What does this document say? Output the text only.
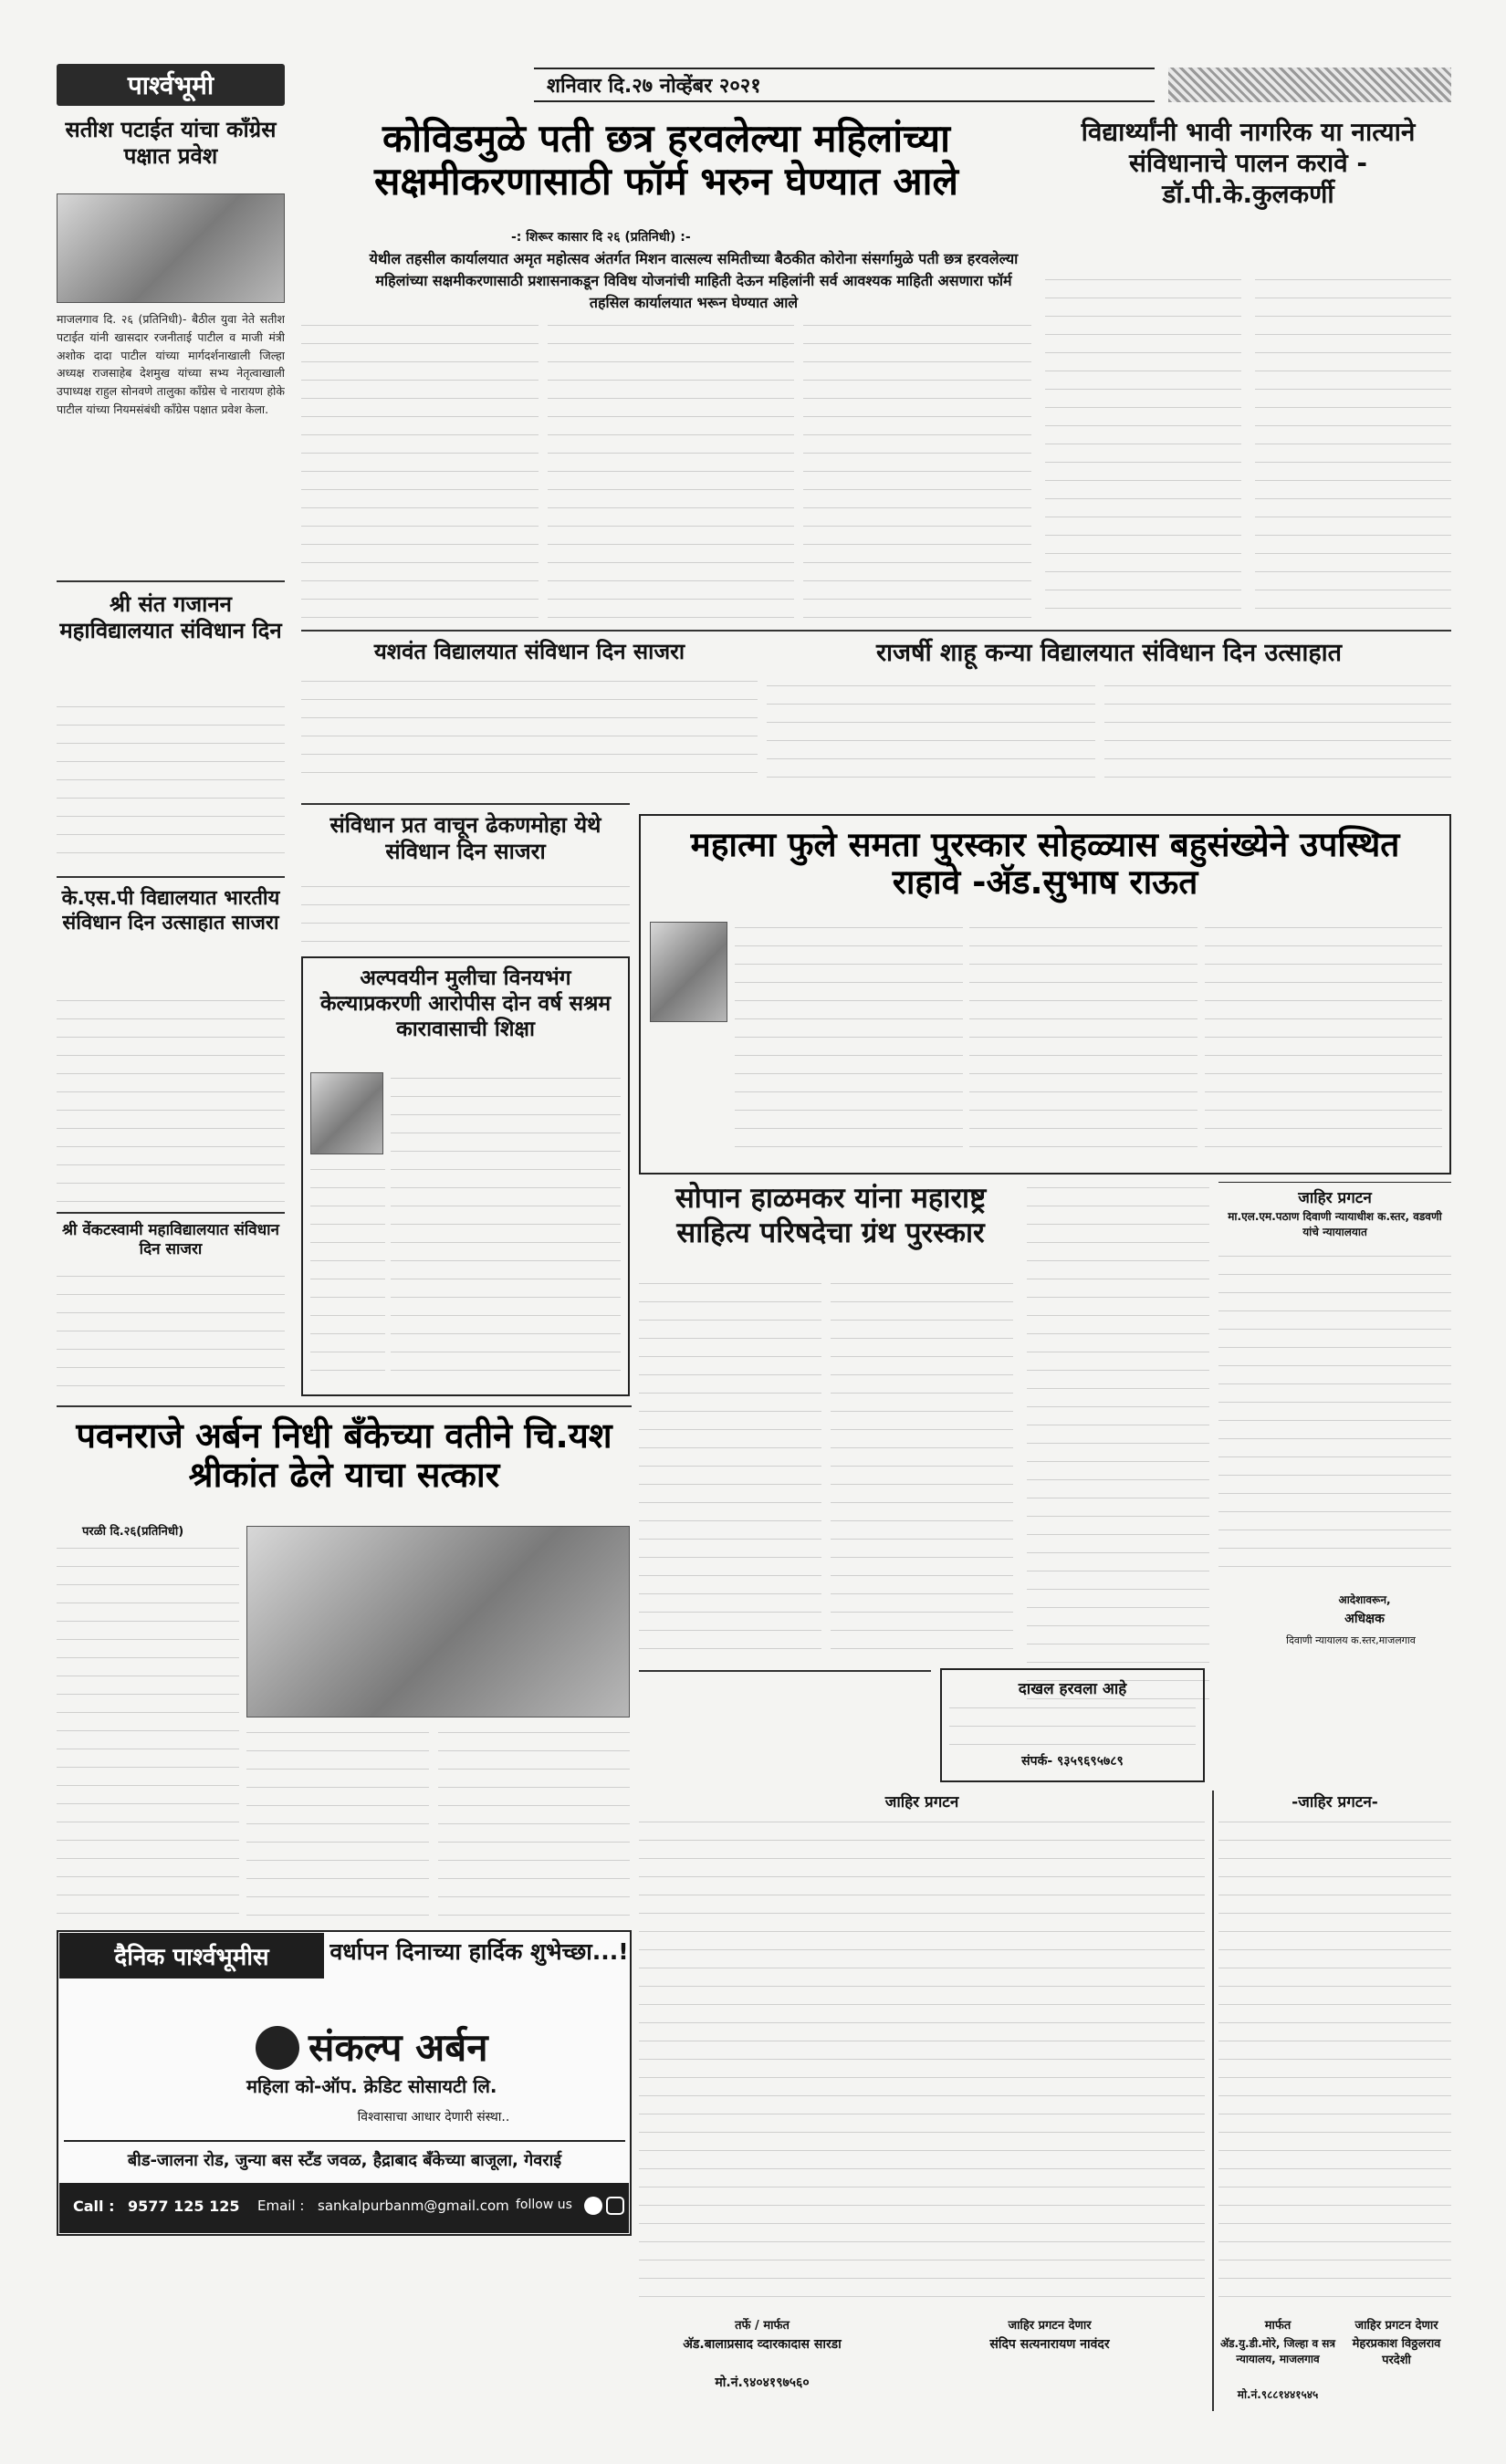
पार्श्वभूमी	शनिवार दि.२७ नोव्हेंबर २०२१
सतीश पटाईत यांचा कॉंग्रेस पक्षात प्रवेश
माजलगाव दि. २६ (प्रतिनिधी)- बैठील युवा नेते सतीश पटाईत यांनी खासदार रजनीताई पाटील व माजी मंत्री अशोक दादा पाटील यांच्या मार्गदर्शनाखाली जिल्हा अध्यक्ष राजसाहेब देशमुख यांच्या सभ्य नेतृत्वाखाली उपाध्यक्ष राहुल सोनवणे तालुका कॉंग्रेस चे नारायण होके पाटील यांच्या नियमसंबंधी कॉंग्रेस पक्षात प्रवेश केला.
श्री संत गजानन महाविद्यालयात संविधान दिन
के.एस.पी विद्यालयात भारतीय संविधान दिन उत्साहात साजरा
श्री वेंकटस्वामी महाविद्यालयात संविधान दिन साजरा
कोविडमुळे पती छत्र हरवलेल्या महिलांच्या सक्षमीकरणासाठी फॉर्म भरुन घेण्यात आले
-: शिरूर कासार दि २६ (प्रतिनिधी) :-
येथील तहसील कार्यालयात अमृत महोत्सव अंतर्गत मिशन वात्सल्य समितीच्या बैठकीत कोरोना संसर्गामुळे पती छत्र हरवलेल्या महिलांच्या सक्षमीकरणासाठी प्रशासनाकडून विविध योजनांची माहिती देऊन महिलांनी सर्व आवश्यक माहिती असणारा फॉर्म तहसिल कार्यालयात भरून घेण्यात आले
विद्यार्थ्यांनी भावी नागरिक या नात्याने संविधानाचे पालन करावे - डॉ.पी.के.कुलकर्णी
यशवंत विद्यालयात संविधान दिन साजरा	राजर्षी शाहू कन्या विद्यालयात संविधान दिन उत्साहात
संविधान प्रत वाचून ढेकणमोहा येथे संविधान दिन साजरा	महात्मा फुले समता पुरस्कार सोहळ्यास बहुसंख्येने उपस्थित राहावे -अ‍ॅड.सुभाष राऊत
अल्पवयीन मुलीचा विनयभंग केल्याप्रकरणी आरोपीस दोन वर्ष सश्रम कारावासाची शिक्षा
सोपान हाळमकर यांना महाराष्ट्र साहित्य परिषदेचा ग्रंथ पुरस्कार
दाखल हरवला आहे
संपर्क- ९३५९६९५७८९
जाहिर प्रगटन
मा.एल.एम.पठाण दिवाणी न्यायाधीश क.स्तर, वडवणी यांचे न्यायालयात
आदेशावरून,
अधिक्षक
दिवाणी न्यायालय क.स्तर,माजलगाव
पवनराजे अर्बन निधी बँकेच्या वतीने चि.यश श्रीकांत ढेले याचा सत्कार
परळी दि.२६(प्रतिनिधी)
दैनिक पार्श्वभूमीस	वर्धापन दिनाच्या हार्दिक शुभेच्छा...!
संकल्प अर्बन
महिला को-ऑप. क्रेडिट सोसायटी लि.
विश्वासाचा आधार देणारी संस्था..
बीड-जालना रोड, जुन्या बस स्टँड जवळ, हैद्राबाद बँकेच्या बाजूला, गेवराई
Call : 9577 125 125 Email : sankalpurbanm@gmail.com follow us
जाहिर प्रगटन
तर्फे / मार्फत
अ‍ॅड.बालाप्रसाद व्दारकादास सारडा
मो.नं.९४०४१९७५६०
जाहिर प्रगटन देणार
संदिप सत्यनारायण नावंदर
-जाहिर प्रगटन-
मार्फत
अ‍ॅड.यु.डी.मोरे, जिल्हा व सत्र न्यायालय, माजलगाव
मो.नं.९८८१४४१५४५
जाहिर प्रगटन देणार
मेहरप्रकाश विठ्ठलराव परदेशी
